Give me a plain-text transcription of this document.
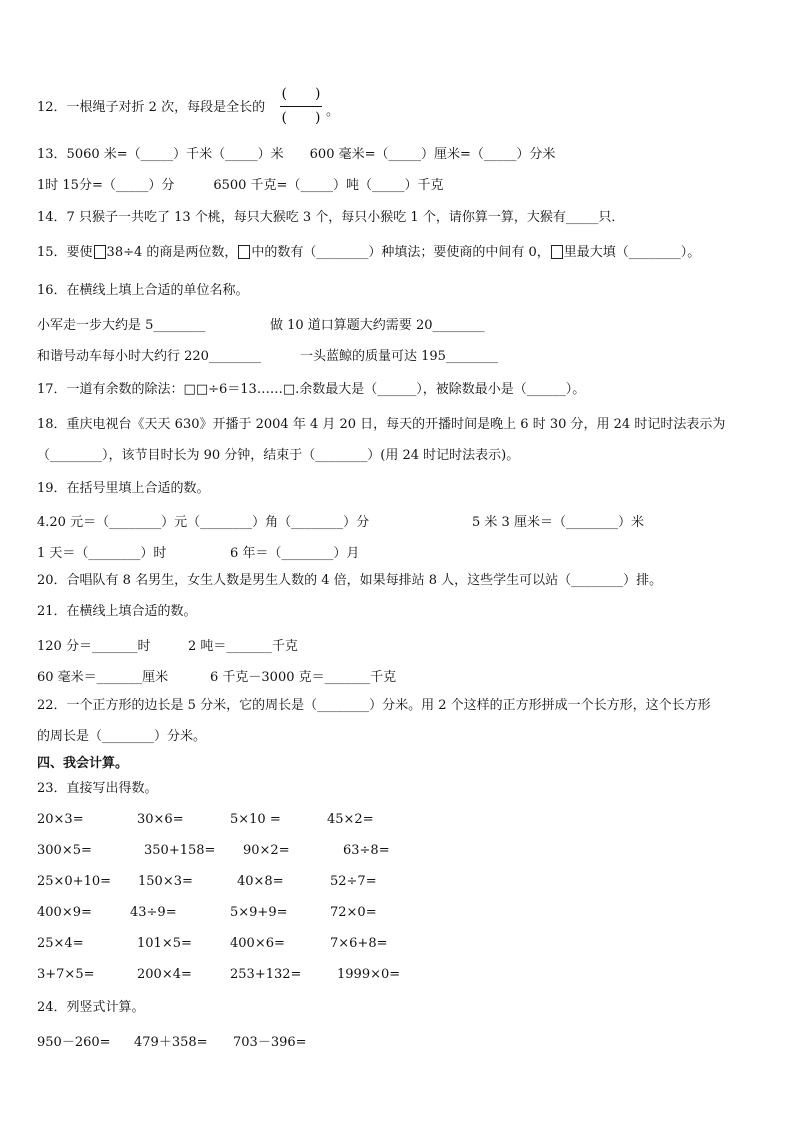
12．一根绳子对折 2 次，每段是全长的
(　　)
(　　) 。
13．5060 米=（_____）千米（_____）米　　600 毫米=（_____）厘米=（_____）分米
1时 15分=（_____）分　　　6500 千克=（_____）吨（_____）千克
14．7 只猴子一共吃了 13 个桃，每只大猴吃 3 个，每只小猴吃 1 个，请你算一算，大猴有_____只．
15．要使 38÷4 的商是两位数， 中的数有（________）种填法；要使商的中间有 0， 里最大填（________）。
16．在横线上填上合适的单位名称。
小军走一步大约是 5________	做 10 道口算题大约需要 20________
和谐号动车每小时大约行 220________	一头蓝鲸的质量可达 195________
17．一道有余数的除法：□□÷6＝13……□.余数最大是（______），被除数最小是（______）。
18．重庆电视台《天天 630》开播于 2004 年 4 月 20 日，每天的开播时间是晚上 6 时 30 分，用 24 时记时法表示为
（________），该节目时长为 90 分钟，结束于（________）(用 24 时记时法表示)。
19．在括号里填上合适的数。
4.20 元＝（________）元（________）角（________）分	5 米 3 厘米＝（________）米
1 天＝（________）时	6 年＝（________）月
20．合唱队有 8 名男生，女生人数是男生人数的 4 倍，如果每排站 8 人，这些学生可以站（________）排。
21．在横线上填合适的数。
120 分＝_______时	2 吨＝_______千克
60 毫米＝_______厘米	6 千克－3000 克＝_______千克
22．一个正方形的边长是 5 分米，它的周长是（________）分米。用 2 个这样的正方形拼成一个长方形，这个长方形
的周长是（________）分米。
四、我会计算。
23．直接写出得数。
20×3=	30×6=	5×10 =	45×2=
300×5=	350+158= 90×2=	63÷8=
25×0+10= 150×3=	40×8=	52÷7=
400×9=	43÷9=	5×9+9=	72×0=
25×4=	101×5=	400×6=	7×6+8=
3+7×5=	200×4=	253+132=	1999×0=
24．列竖式计算。
950－260= 479＋358= 703－396=
